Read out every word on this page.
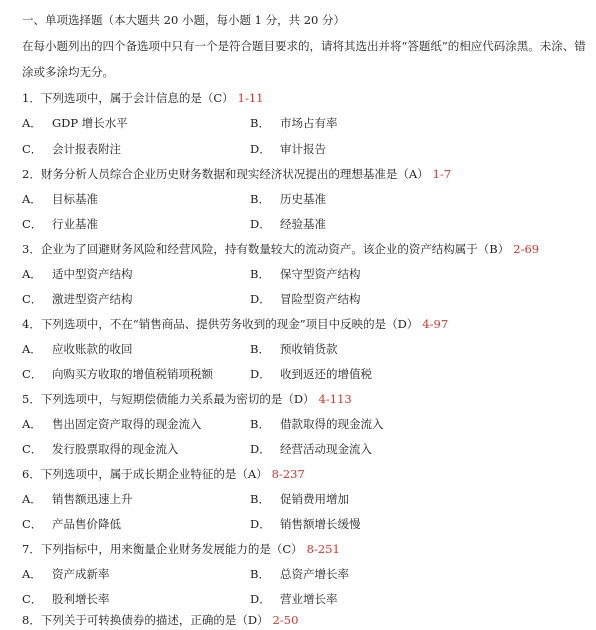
一、单项选择题（本大题共 20 小题，每小题 1 分，共 20 分）
在每小题列出的四个备选项中只有一个是符合题目要求的，请将其选出并将“答题纸”的相应代码涂黑。未涂、错
涂或多涂均无分。
1．下列选项中，属于会计信息的是（C） 1-11
A． GDP 增长水平	B． 市场占有率
C． 会计报表附注	D． 审计报告
2．财务分析人员综合企业历史财务数据和现实经济状况提出的理想基准是（A） 1-7
A． 目标基准	B． 历史基准
C． 行业基准	D． 经验基准
3．企业为了回避财务风险和经营风险，持有数量较大的流动资产。该企业的资产结构属于（B） 2-69
A． 适中型资产结构	B． 保守型资产结构
C． 激进型资产结构	D． 冒险型资产结构
4．下列选项中，不在“销售商品、提供劳务收到的现金”项目中反映的是（D） 4-97
A． 应收账款的收回	B． 预收销货款
C． 向购买方收取的增值税销项税额	D． 收到返还的增值税
5．下列选项中，与短期偿债能力关系最为密切的是（D） 4-113
A． 售出固定资产取得的现金流入	B． 借款取得的现金流入
C． 发行股票取得的现金流入	D． 经营活动现金流入
6．下列选项中，属于成长期企业特征的是（A） 8-237
A． 销售额迅速上升	B． 促销费用增加
C． 产品售价降低	D． 销售额增长缓慢
7．下列指标中，用来衡量企业财务发展能力的是（C） 8-251
A． 资产成新率	B． 总资产增长率
C． 股利增长率	D． 营业增长率
8．下列关于可转换债券的描述，正确的是（D） 2-50
